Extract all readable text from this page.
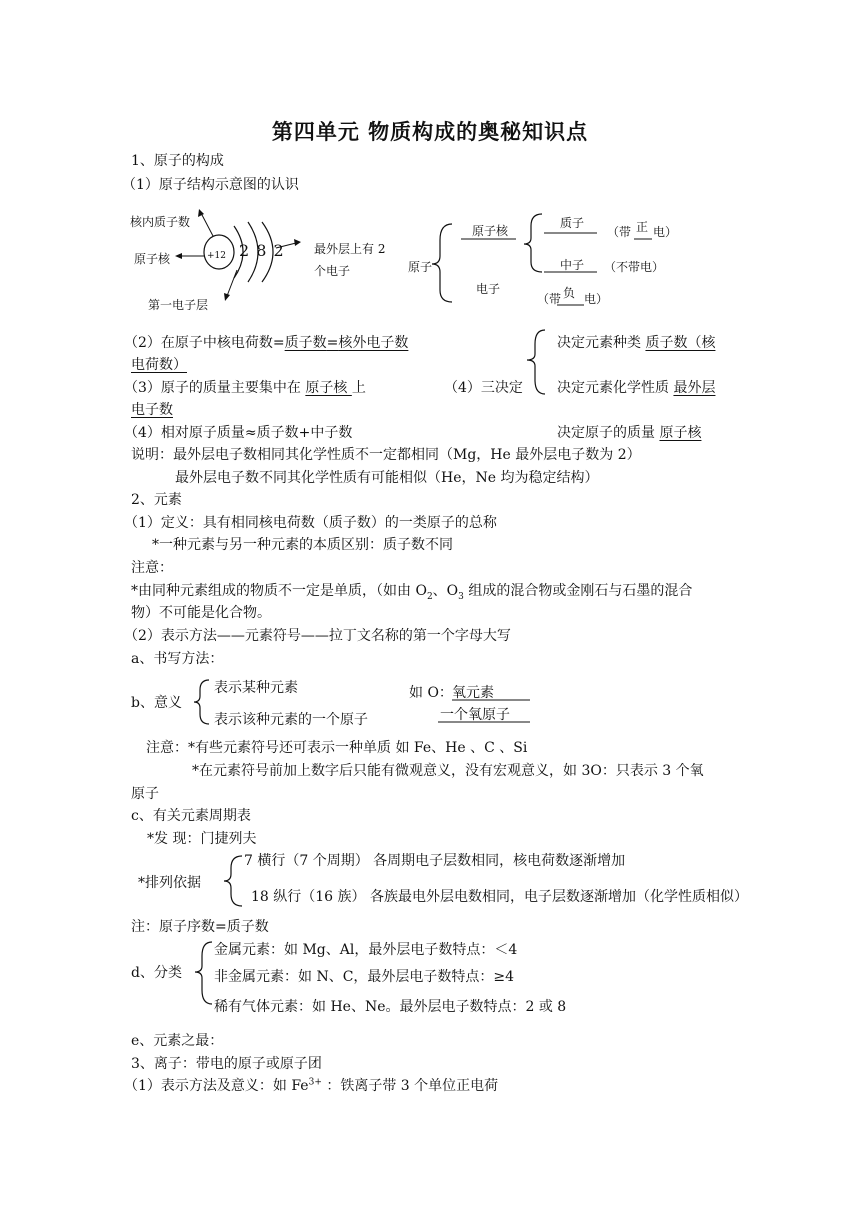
第四单元 物质构成的奥秘知识点
1、原子的构成
（1）原子结构示意图的认识
核内质子数
原子核
第一电子层
+12 2 8 2 最外层上有 2
个电子	原子
原子核
电子
质子
中子
（带 正 电）
（不带电）
（带 负 电）
（2）在原子中核电荷数=质子数=核外电子数
电荷数）
（3）原子的质量主要集中在 原子核 上	（4）三决定
决定元素种类 质子数（核
决定元素化学性质 最外层
电子数
（4）相对原子质量≈质子数+中子数	决定原子的质量 原子核
说明：最外层电子数相同其化学性质不一定都相同（Mg，He 最外层电子数为 2）
最外层电子数不同其化学性质有可能相似（He，Ne 均为稳定结构）
2、元素
（1）定义：具有相同核电荷数（质子数）的一类原子的总称
*一种元素与另一种元素的本质区别：质子数不同
注意：
*由同种元素组成的物质不一定是单质，（如由 $O_2$、$O_3$ 组成的混合物或金刚石与石墨的混合
物）不可能是化合物。
（2）表示方法——元素符号——拉丁文名称的第一个字母大写
a、书写方法：
b、意义
表示某种元素
表示该种元素的一个原子
如 O： 氧元素
一个氧原子
注意：*有些元素符号还可表示一种单质 如 Fe、He 、C 、Si
*在元素符号前加上数字后只能有微观意义，没有宏观意义，如 3O：只表示 3 个氧
原子
c、有关元素周期表
*发 现：门捷列夫
*排列依据
7 横行（7 个周期） 各周期电子层数相同，核电荷数逐渐增加
18 纵行（16 族） 各族最电外层电数相同，电子层数逐渐增加（化学性质相似）
注：原子序数=质子数
d、分类
金属元素：如 Mg、Al，最外层电子数特点：＜4
非金属元素：如 N、C，最外层电子数特点：≥4
稀有气体元素：如 He、Ne。最外层电子数特点：2 或 8
e、元素之最：
3、离子：带电的原子或原子团
（1）表示方法及意义：如 $Fe^{3+}$ ：铁离子带 3 个单位正电荷
